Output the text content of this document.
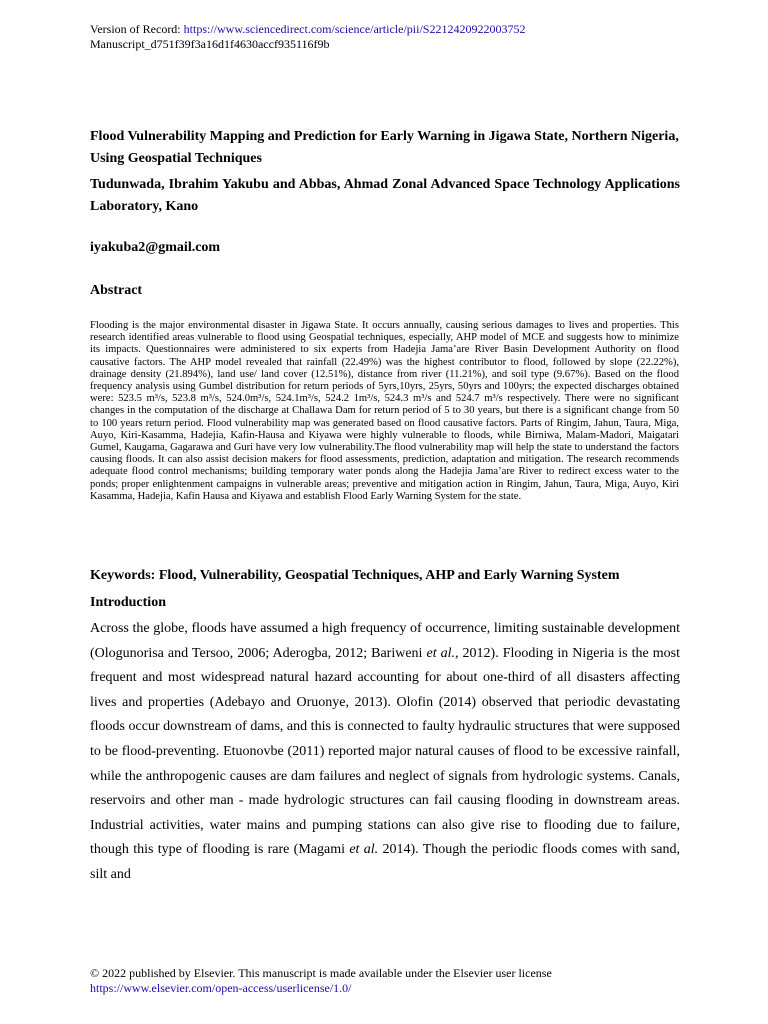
Version of Record: https://www.sciencedirect.com/science/article/pii/S2212420922003752
Manuscript_d751f39f3a16d1f4630accf935116f9b
Flood Vulnerability Mapping and Prediction for Early Warning in Jigawa State, Northern Nigeria, Using Geospatial Techniques

Tudunwada, Ibrahim Yakubu and Abbas, Ahmad Zonal Advanced Space Technology Applications Laboratory, Kano

iyakuba2@gmail.com
Abstract

Flooding is the major environmental disaster in Jigawa State. It occurs annually, causing serious damages to lives and properties. This research identified areas vulnerable to flood using Geospatial techniques, especially, AHP model of MCE and suggests how to minimize its impacts. Questionnaires were administered to six experts from Hadejia Jama’are River Basin Development Authority on flood causative factors. The AHP model revealed that rainfall (22.49%) was the highest contributor to flood, followed by slope (22.22%), drainage density (21.894%), land use/ land cover (12.51%), distance from river (11.21%), and soil type (9.67%). Based on the flood frequency analysis using Gumbel distribution for return periods of 5yrs,10yrs, 25yrs, 50yrs and 100yrs; the expected discharges obtained were: 523.5 m³/s, 523.8 m³/s, 524.0m³/s, 524.1m³/s, 524.2 1m³/s, 524.3 m³/s and 524.7 m³/s respectively. There were no significant changes in the computation of the discharge at Challawa Dam for return period of 5 to 30 years, but there is a significant change from 50 to 100 years return period. Flood vulnerability map was generated based on flood causative factors. Parts of Ringim, Jahun, Taura, Miga, Auyo, Kiri-Kasamma, Hadejia, Kafin-Hausa and Kiyawa were highly vulnerable to floods, while Birniwa, Malam-Madori, Maigatari Gumel, Kaugama, Gagarawa and Guri have very low vulnerability.The flood vulnerability map will help the state to understand the factors causing floods. It can also assist decision makers for flood assessments, prediction, adaptation and mitigation. The research recommends adequate flood control mechanisms; building temporary water ponds along the Hadejia Jama’are River to redirect excess water to the ponds; proper enlightenment campaigns in vulnerable areas; preventive and mitigation action in Ringim, Jahun, Taura, Miga, Auyo, Kiri Kasamma, Hadejia, Kafin Hausa and Kiyawa and establish Flood Early Warning System for the state.

Keywords: Flood, Vulnerability, Geospatial Techniques, AHP and Early Warning System
Introduction

Across the globe, floods have assumed a high frequency of occurrence, limiting sustainable development (Ologunorisa and Tersoo, 2006; Aderogba, 2012; Bariweni et al., 2012). Flooding in Nigeria is the most frequent and most widespread natural hazard accounting for about one-third of all disasters affecting lives and properties (Adebayo and Oruonye, 2013). Olofin (2014) observed that periodic devastating floods occur downstream of dams, and this is connected to faulty hydraulic structures that were supposed to be flood-preventing. Etuonovbe (2011) reported major natural causes of flood to be excessive rainfall, while the anthropogenic causes are dam failures and neglect of signals from hydrologic systems. Canals, reservoirs and other man - made hydrologic structures can fail causing flooding in downstream areas. Industrial activities, water mains and pumping stations can also give rise to flooding due to failure, though this type of flooding is rare (Magami et al. 2014). Though the periodic floods comes with sand, silt and

© 2022 published by Elsevier. This manuscript is made available under the Elsevier user license
https://www.elsevier.com/open-access/userlicense/1.0/
